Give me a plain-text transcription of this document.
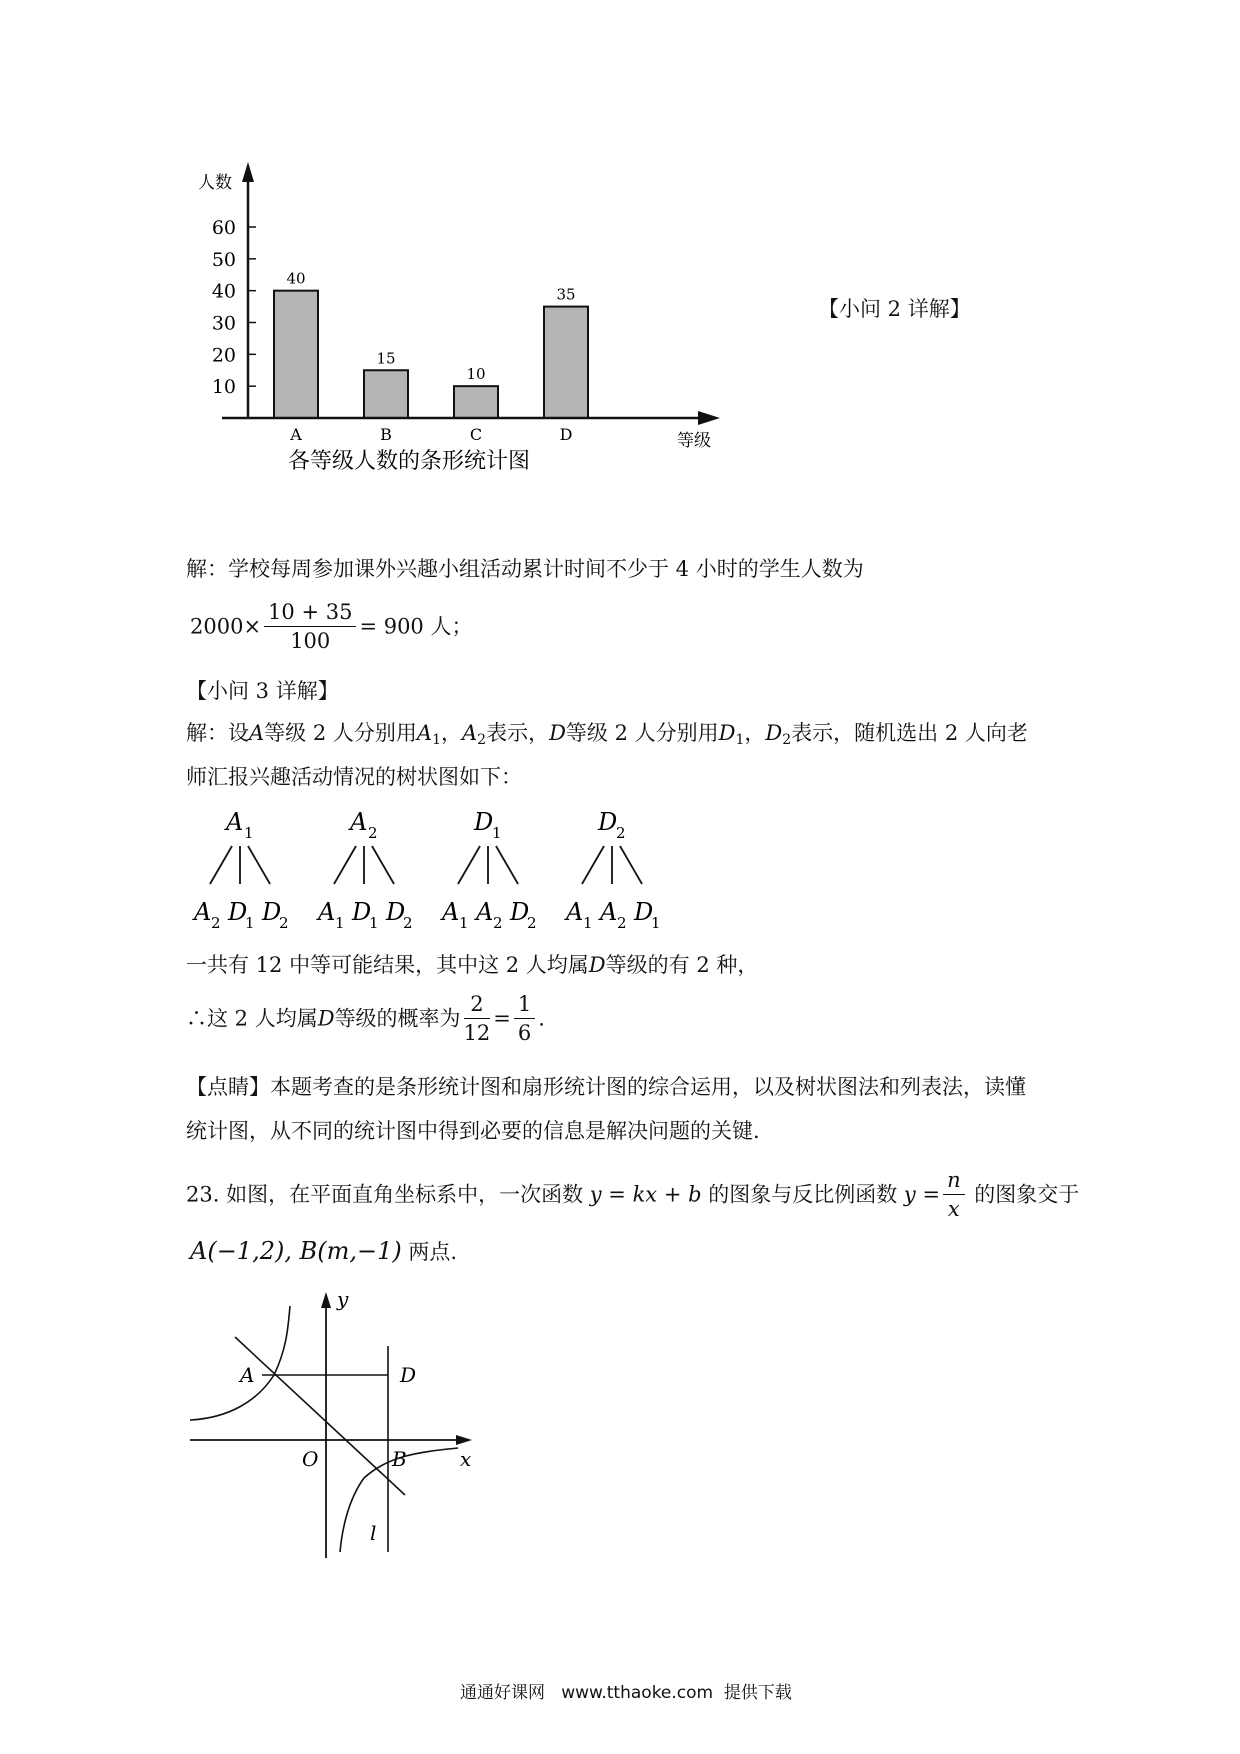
人数
10
20
30
40
50
60
40
A
15
B
10
C
35
D	等级
各等级人数的条形统计图
【小问 2 详解】
解：学校每周参加课外兴趣小组活动累计时间不少于 4 小时的学生人数为
$2000\times \frac{10 + 35}{100} = 900$ 人；
【小问 3 详解】
解：设A等级 2 人分别用$A_1$，$A_2$表示，D等级 2 人分别用$D_1$，$D_2$表示，随机选出 2 人向老
师汇报兴趣活动情况的树状图如下：
A 1
A 2 D
1 D
2
A 2
A 1 D
1 D
2
D
1
A 1 A 2 D
2
D
2
A 1 A 2 D
1
一共有 12 中等可能结果，其中这 2 人均属D等级的有 2 种，
∴这 2 人均属D等级的概率为 $\frac{2}{12} = \frac{1}{6}$ .
【点睛】本题考查的是条形统计图和扇形统计图的综合运用，以及树状图法和列表法，读懂
统计图，从不同的统计图中得到必要的信息是解决问题的关键.
23. 如图，在平面直角坐标系中，一次函数 y = kx + b 的图象与反比例函数 $y = \frac{n}{x}$ 的图象交于
A(−1,2), B(m,−1) 两点.
y
x
A	D
O	B
l
通通好课网   www.tthaoke.com  提供下载
